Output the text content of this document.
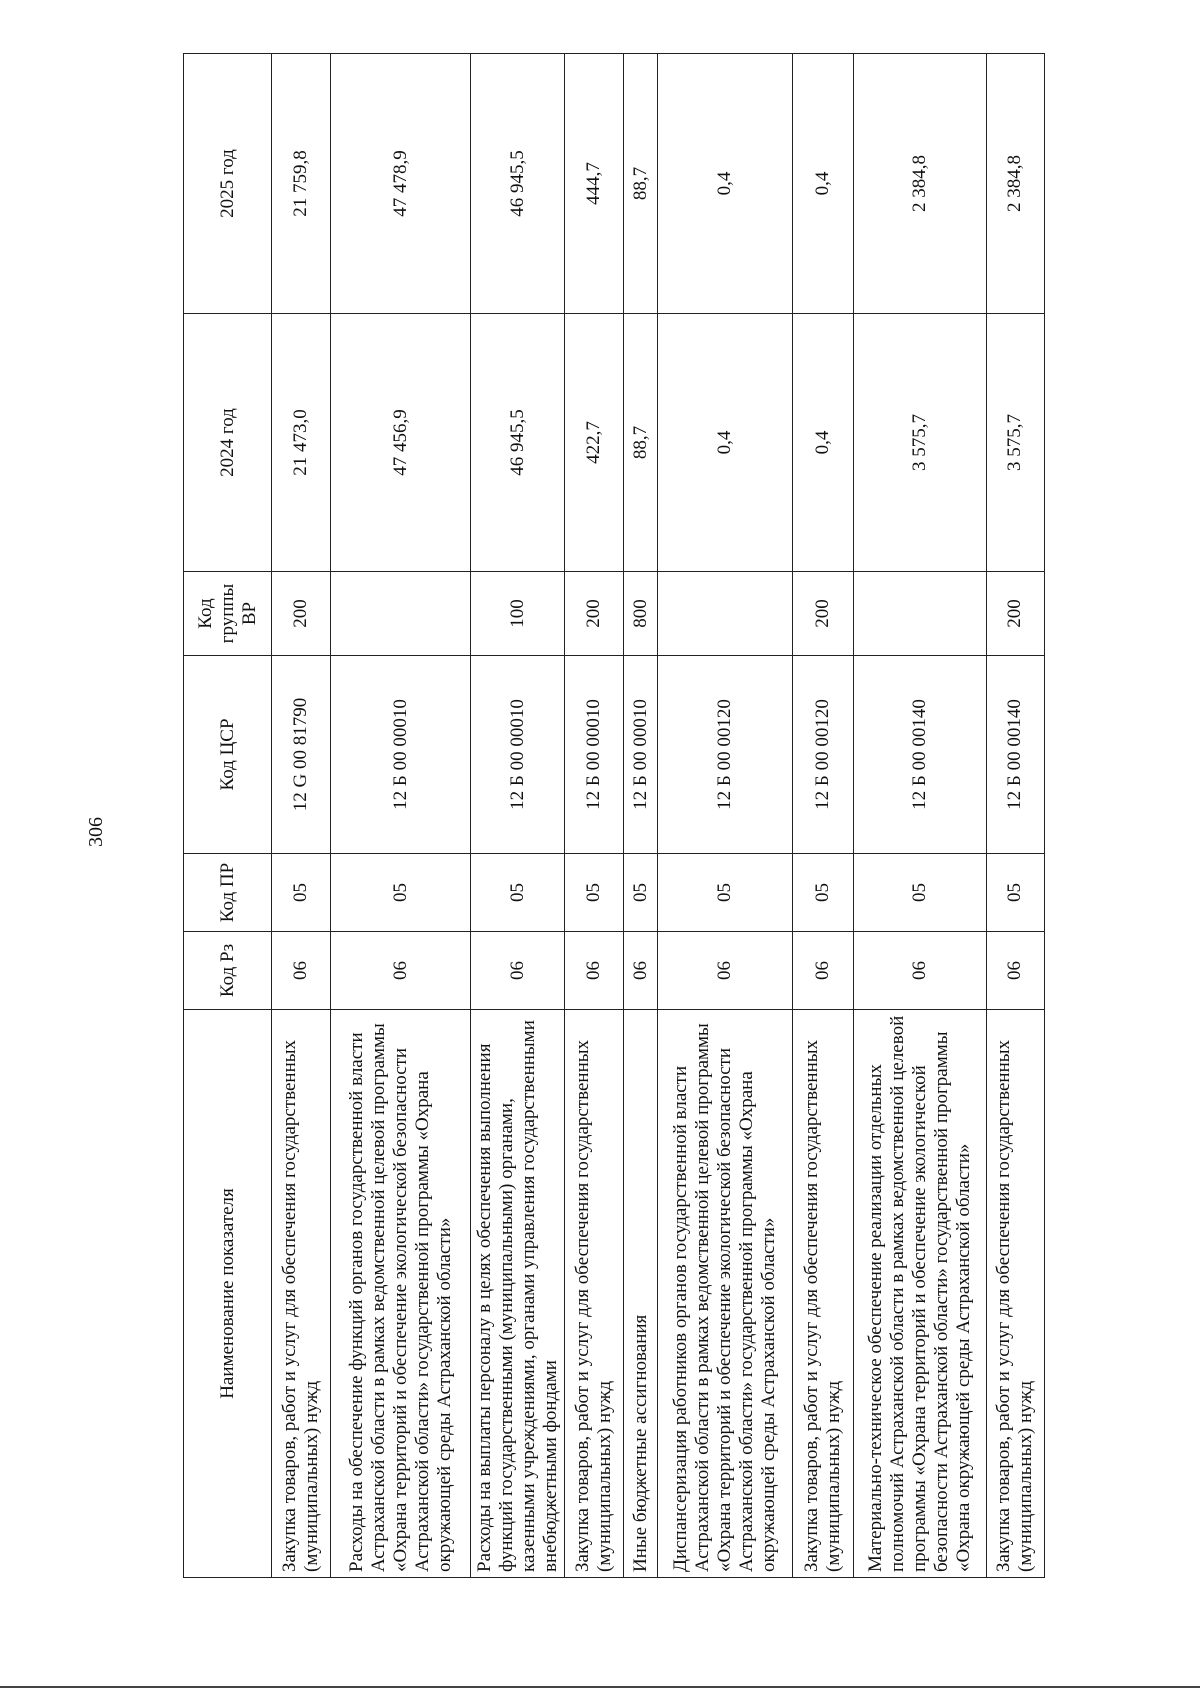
306
Наименование показателя	Код Рз	Код ПР	Код ЦСР	Код группы ВР	2024 год	2025 год
Закупка товаров, работ и услуг для обеспечения государственных (муниципальных) нужд	06	05	12 G 00 81790	200	21 473,0	21 759,8
Расходы на обеспечение функций органов государственной власти Астраханской области в рамках ведомственной целевой программы «Охрана территорий и обеспечение экологической безопасности Астраханской области» государственной программы «Охрана окружающей среды Астраханской области»	06	05	12 Б 00 00010		47 456,9	47 478,9
Расходы на выплаты персоналу в целях обеспечения выполнения функций государственными (муниципальными) органами, казенными учреждениями, органами управления государственными внебюджетными фондами	06	05	12 Б 00 00010	100	46 945,5	46 945,5
Закупка товаров, работ и услуг для обеспечения государственных (муниципальных) нужд	06	05	12 Б 00 00010	200	422,7	444,7
Иные бюджетные ассигнования	06	05	12 Б 00 00010	800	88,7	88,7
Диспансеризация работников органов государственной власти Астраханской области в рамках ведомственной целевой программы «Охрана территорий и обеспечение экологической безопасности Астраханской области» государственной программы «Охрана окружающей среды Астраханской области»	06	05	12 Б 00 00120		0,4	0,4
Закупка товаров, работ и услуг для обеспечения государственных (муниципальных) нужд	06	05	12 Б 00 00120	200	0,4	0,4
Материально-техническое обеспечение реализации отдельных полномочий Астраханской области в рамках ведомственной целевой программы «Охрана территорий и обеспечение экологической безопасности Астраханской области» государственной программы «Охрана окружающей среды Астраханской области»	06	05	12 Б 00 00140		3 575,7	2 384,8
Закупка товаров, работ и услуг для обеспечения государственных (муниципальных) нужд	06	05	12 Б 00 00140	200	3 575,7	2 384,8
